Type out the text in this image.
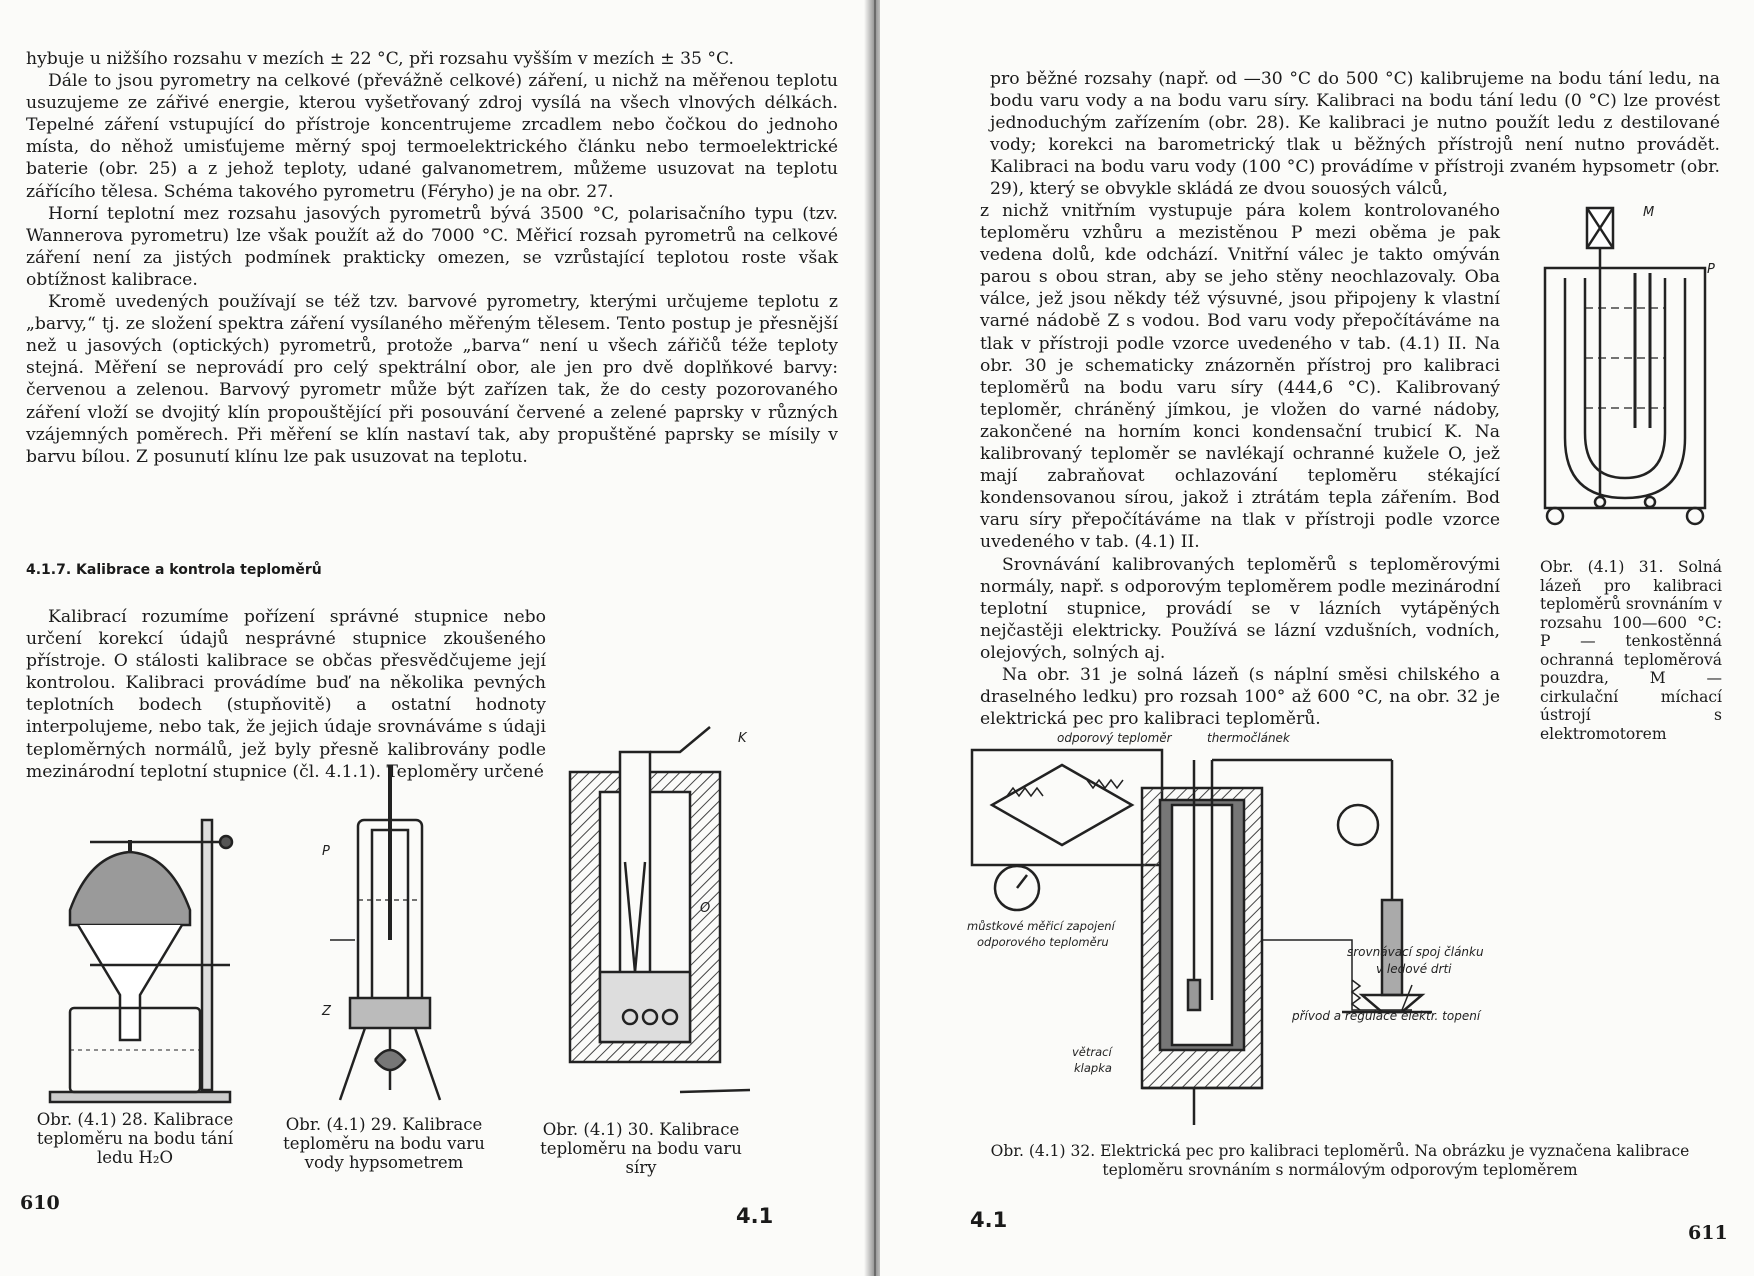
hybuje u nižšího rozsahu v mezích ± 22 °C, při rozsahu vyšším v mezích ± 35 °C.

Dále to jsou pyrometry na celkové (převážně celkové) záření, u nichž na měřenou teplotu usuzujeme ze zářivé energie, kterou vyšetřovaný zdroj vysílá na všech vlnových délkách. Tepelné záření vstupující do přístroje koncentrujeme zrcadlem nebo čočkou do jednoho místa, do něhož umisťujeme měrný spoj termoelektrického článku nebo termoelektrické baterie (obr. 25) a z jehož teploty, udané galvanometrem, můžeme usuzovat na teplotu zářícího tělesa. Schéma takového pyrometru (Féryho) je na obr. 27.

Horní teplotní mez rozsahu jasových pyrometrů bývá 3500 °C, polarisačního typu (tzv. Wannerova pyrometru) lze však použít až do 7000 °C. Měřicí rozsah pyrometrů na celkové záření není za jistých podmínek prakticky omezen, se vzrůstající teplotou roste však obtížnost kalibrace.

Kromě uvedených používají se též tzv. barvové pyrometry, kterými určujeme teplotu z „barvy,“ tj. ze složení spektra záření vysílaného měřeným tělesem. Tento postup je přesnější než u jasových (optických) pyrometrů, protože „barva“ není u všech zářičů téže teploty stejná. Měření se neprovádí pro celý spektrální obor, ale jen pro dvě doplňkové barvy: červenou a zelenou. Barvový pyrometr může být zařízen tak, že do cesty pozorovaného záření vloží se dvojitý klín propouštějící při posouvání červené a zelené paprsky v různých vzájemných poměrech. Při měření se klín nastaví tak, aby propuštěné paprsky se mísily v barvu bílou. Z posunutí klínu lze pak usuzovat na teplotu.

4.1.7. Kalibrace a kontrola teploměrů

Kalibrací rozumíme pořízení správné stupnice nebo určení korekcí údajů nesprávné stupnice zkoušeného přístroje. O stálosti kalibrace se občas přesvědčujeme její kontrolou. Kalibraci provádíme buď na několika pevných teplotních bodech (stupňovitě) a ostatní hodnoty interpolujeme, nebo tak, že jejich údaje srovnáváme s údaji teploměrných normálů, jež byly přesně kalibrovány podle mezinárodní teplotní stupnice (čl. 4.1.1). Teploměry určené

P
Z
O
K
Obr. (4.1) 28. Kalibrace teploměru na bodu tání ledu H₂O
Obr. (4.1) 29. Kalibrace teploměru na bodu varu vody hypsometrem
Obr. (4.1) 30. Kalibrace teploměru na bodu varu síry
610
4.1

pro běžné rozsahy (např. od —30 °C do 500 °C) kalibrujeme na bodu tání ledu, na bodu varu vody a na bodu varu síry. Kalibraci na bodu tání ledu (0 °C) lze provést jednoduchým zařízením (obr. 28). Ke kalibraci je nutno použít ledu z destilované vody; korekci na barometrický tlak u běžných přístrojů není nutno provádět. Kalibraci na bodu varu vody (100 °C) provádíme v přístroji zvaném hypsometr (obr. 29), který se obvykle skládá ze dvou souosých válců,

z nichž vnitřním vystupuje pára kolem kontrolovaného teploměru vzhůru a mezistěnou P mezi oběma je pak vedena dolů, kde odchází. Vnitřní válec je takto omýván parou s obou stran, aby se jeho stěny neochlazovaly. Oba válce, jež jsou někdy též výsuvné, jsou připojeny k vlastní varné nádobě Z s vodou. Bod varu vody přepočítáváme na tlak v přístroji podle vzorce uvedeného v tab. (4.1) II. Na obr. 30 je schematicky znázorněn přístroj pro kalibraci teploměrů na bodu varu síry (444,6 °C). Kalibrovaný teploměr, chráněný jímkou, je vložen do varné nádoby, zakončené na horním konci kondensační trubicí K. Na kalibrovaný teploměr se navlékají ochranné kužele O, jež mají zabraňovat ochlazování teploměru stékající kondensovanou sírou, jakož i ztrátám tepla zářením. Bod varu síry přepočítáváme na tlak v přístroji podle vzorce uvedeného v tab. (4.1) II.

Srovnávání kalibrovaných teploměrů s teploměrovými normály, např. s odporovým teploměrem podle mezinárodní teplotní stupnice, provádí se v lázních vytápěných nejčastěji elektricky. Používá se lázní vzdušních, vodních, olejových, solných aj.

Na obr. 31 je solná lázeň (s náplní směsi chilského a draselného ledku) pro rozsah 100° až 600 °C, na obr. 32 je elektrická pec pro kalibraci teploměrů.

M
P
Obr. (4.1) 31. Solná lázeň pro kalibraci teploměrů srovnáním v rozsahu 100—600 °C: P — tenkostěnná ochranná teploměrová pouzdra, M — cirkulační míchací ústrojí s elektromotorem
odporový teploměr	thermočlánek
můstkové měřicí zapojení
odporového teploměru
srovnávací spoj článku
v ledové drti
přívod a regulace elektr. topení
větrací
klapka
Obr. (4.1) 32. Elektrická pec pro kalibraci teploměrů. Na obrázku je vyznačena kalibrace teploměru srovnáním s normálovým odporovým teploměrem
4.1
611
